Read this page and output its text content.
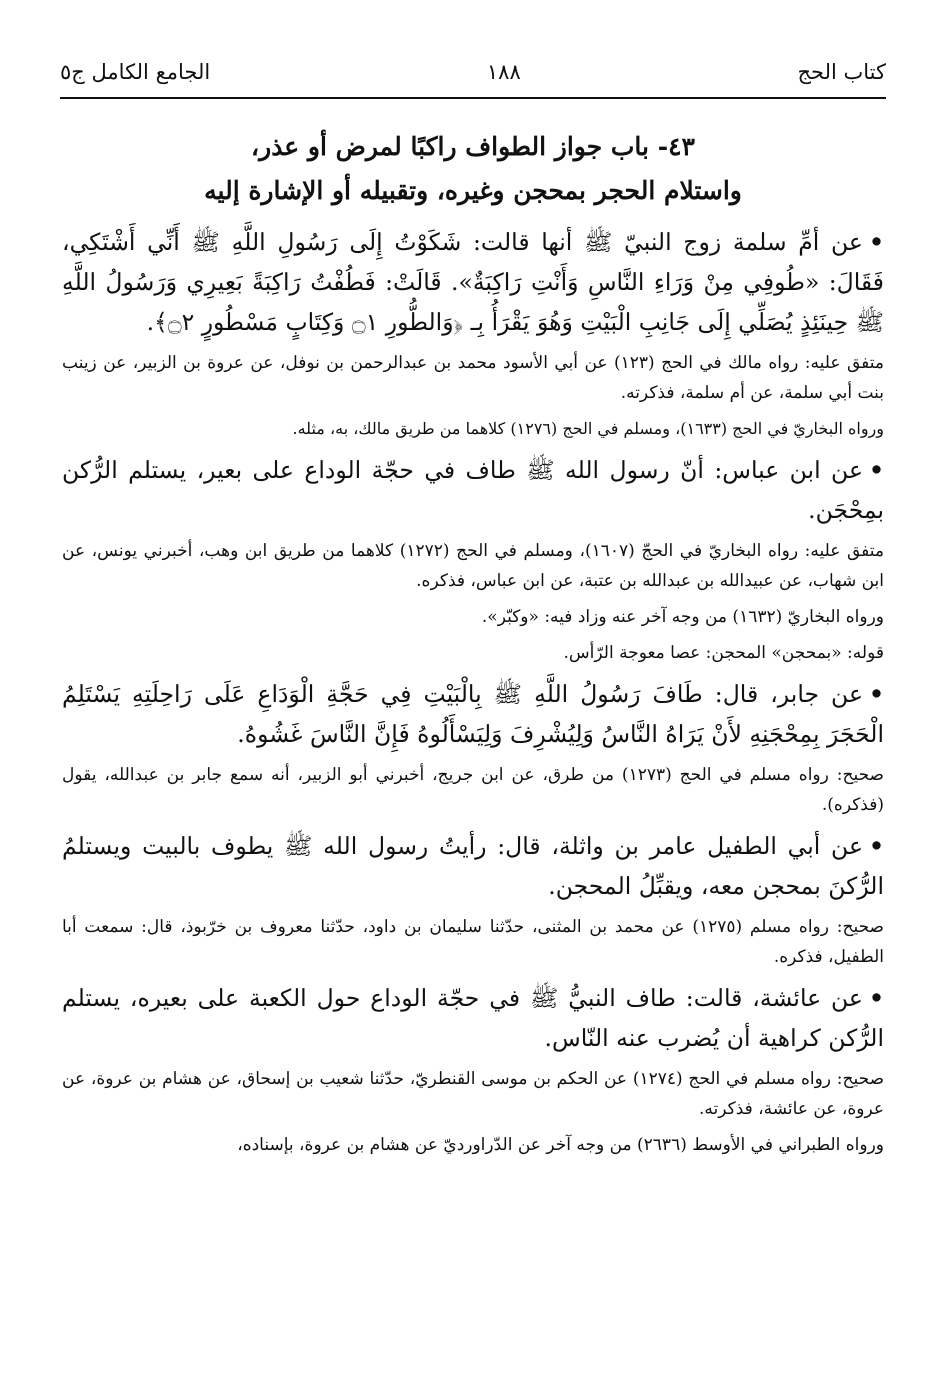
كتاب الحج
١٨٨
الجامع الكامل ج٥
٤٣- باب جواز الطواف راكبًا لمرض أو عذر،
واستلام الحجر بمحجن وغيره، وتقبيله أو الإشارة إليه

•عن أمِّ سلمة زوج النبيّ ﷺ أنها قالت: شَكَوْتُ إِلَى رَسُولِ اللَّهِ ﷺ أَنِّي أَشْتَكِي، فَقَالَ: «طُوفِي مِنْ وَرَاءِ النَّاسِ وَأَنْتِ رَاكِبَةٌ». قَالَتْ: فَطُفْتُ رَاكِبَةً بَعِيرِي وَرَسُولُ اللَّهِ ﷺ حِينَئِذٍ يُصَلِّي إِلَى جَانِبِ الْبَيْتِ وَهُوَ يَقْرَأُ بِـ ﴿وَالطُّورِ ۝١ وَكِتَابٍ مَسْطُورٍ ۝٢﴾.

متفق عليه: رواه مالك في الحج (١٢٣) عن أبي الأسود محمد بن عبدالرحمن بن نوفل، عن عروة بن الزبير، عن زينب بنت أبي سلمة، عن أم سلمة، فذكرته.

ورواه البخاريّ في الحج (١٦٣٣)، ومسلم في الحج (١٢٧٦) كلاهما من طريق مالك، به، مثله.

•عن ابن عباس: أنّ رسول الله ﷺ طاف في حجّة الوداع على بعير، يستلم الرُّكن بمِحْجَن.

متفق عليه: رواه البخاريّ في الحجّ (١٦٠٧)، ومسلم في الحج (١٢٧٢) كلاهما من طريق ابن وهب، أخبرني يونس، عن ابن شهاب، عن عبيدالله بن عبدالله بن عتبة، عن ابن عباس، فذكره.

ورواه البخاريّ (١٦٣٢) من وجه آخر عنه وزاد فيه: «وكبّر».

قوله: «بمحجن» المحجن: عصا معوجة الرّأس.

•عن جابر، قال: طَافَ رَسُولُ اللَّهِ ﷺ بِالْبَيْتِ فِي حَجَّةِ الْوَدَاعِ عَلَى رَاحِلَتِهِ يَسْتَلِمُ الْحَجَرَ بِمِحْجَنِهِ لأَنْ يَرَاهُ النَّاسُ وَلِيُشْرِفَ وَلِيَسْأَلُوهُ فَإِنَّ النَّاسَ غَشُوهُ.

صحيح: رواه مسلم في الحج (١٢٧٣) من طرق، عن ابن جريج، أخبرني أبو الزبير، أنه سمع جابر بن عبدالله، يقول (فذكره).

•عن أبي الطفيل عامر بن واثلة، قال: رأيتُ رسول الله ﷺ يطوف بالبيت ويستلمُ الرُّكنَ بمحجن معه، ويقبِّلُ المحجن.

صحيح: رواه مسلم (١٢٧٥) عن محمد بن المثنى، حدّثنا سليمان بن داود، حدّثنا معروف بن خرّبوذ، قال: سمعت أبا الطفيل، فذكره.

•عن عائشة، قالت: طاف النبيُّ ﷺ في حجّة الوداع حول الكعبة على بعيره، يستلم الرُّكن كراهية أن يُضرب عنه النّاس.

صحيح: رواه مسلم في الحج (١٢٧٤) عن الحكم بن موسى القنطريّ، حدّثنا شعيب بن إسحاق، عن هشام بن عروة، عن عروة، عن عائشة، فذكرته.

ورواه الطبراني في الأوسط (٢٦٣٦) من وجه آخر عن الدّراورديّ عن هشام بن عروة، بإسناده،
